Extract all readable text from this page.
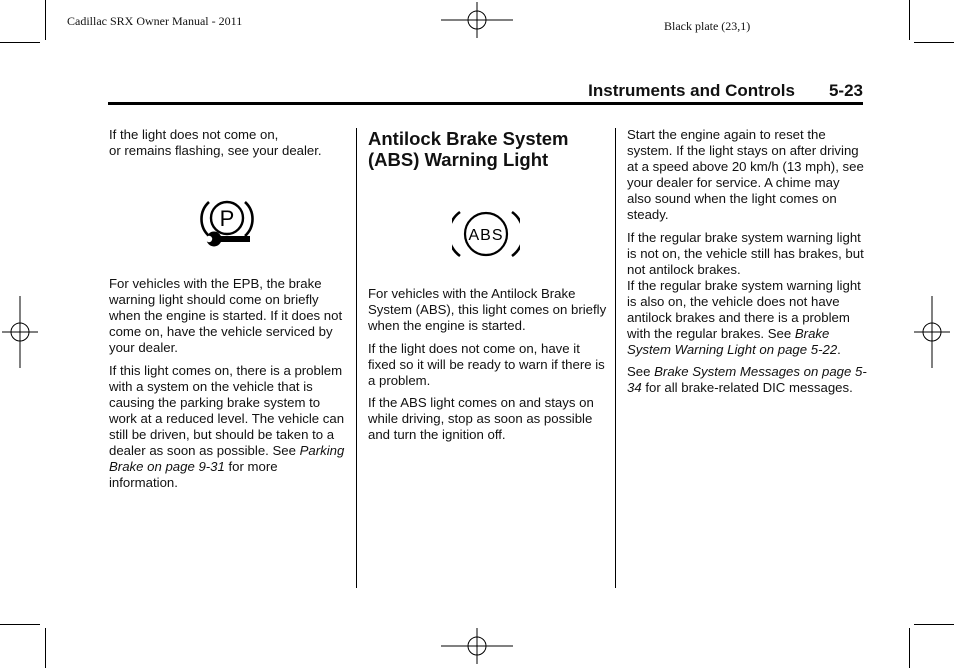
Cadillac SRX Owner Manual - 2011	Black plate (23,1)
Instruments and Controls 5-23

If the light does not come on,
or remains flashing, see your dealer.

P

For vehicles with the EPB, the brake warning light should come on briefly when the engine is started. If it does not come on, have the vehicle serviced by your dealer.

If this light comes on, there is a problem with a system on the vehicle that is causing the parking brake system to work at a reduced level. The vehicle can still be driven, but should be taken to a dealer as soon as possible. See Parking Brake on page 9-31 for more information.

Antilock Brake System (ABS) Warning Light
ABS

For vehicles with the Antilock Brake System (ABS), this light comes on briefly when the engine is started.

If the light does not come on, have it fixed so it will be ready to warn if there is a problem.

If the ABS light comes on and stays on while driving, stop as soon as possible and turn the ignition off.

Start the engine again to reset the system. If the light stays on after driving at a speed above 20 km/h (13 mph), see your dealer for service. A chime may also sound when the light comes on steady.

If the regular brake system warning light is not on, the vehicle still has brakes, but not antilock brakes.

If the regular brake system warning light is also on, the vehicle does not have antilock brakes and there is a problem with the regular brakes. See Brake System Warning Light on page 5-22.

See Brake System Messages on page 5-34 for all brake-related DIC messages.
